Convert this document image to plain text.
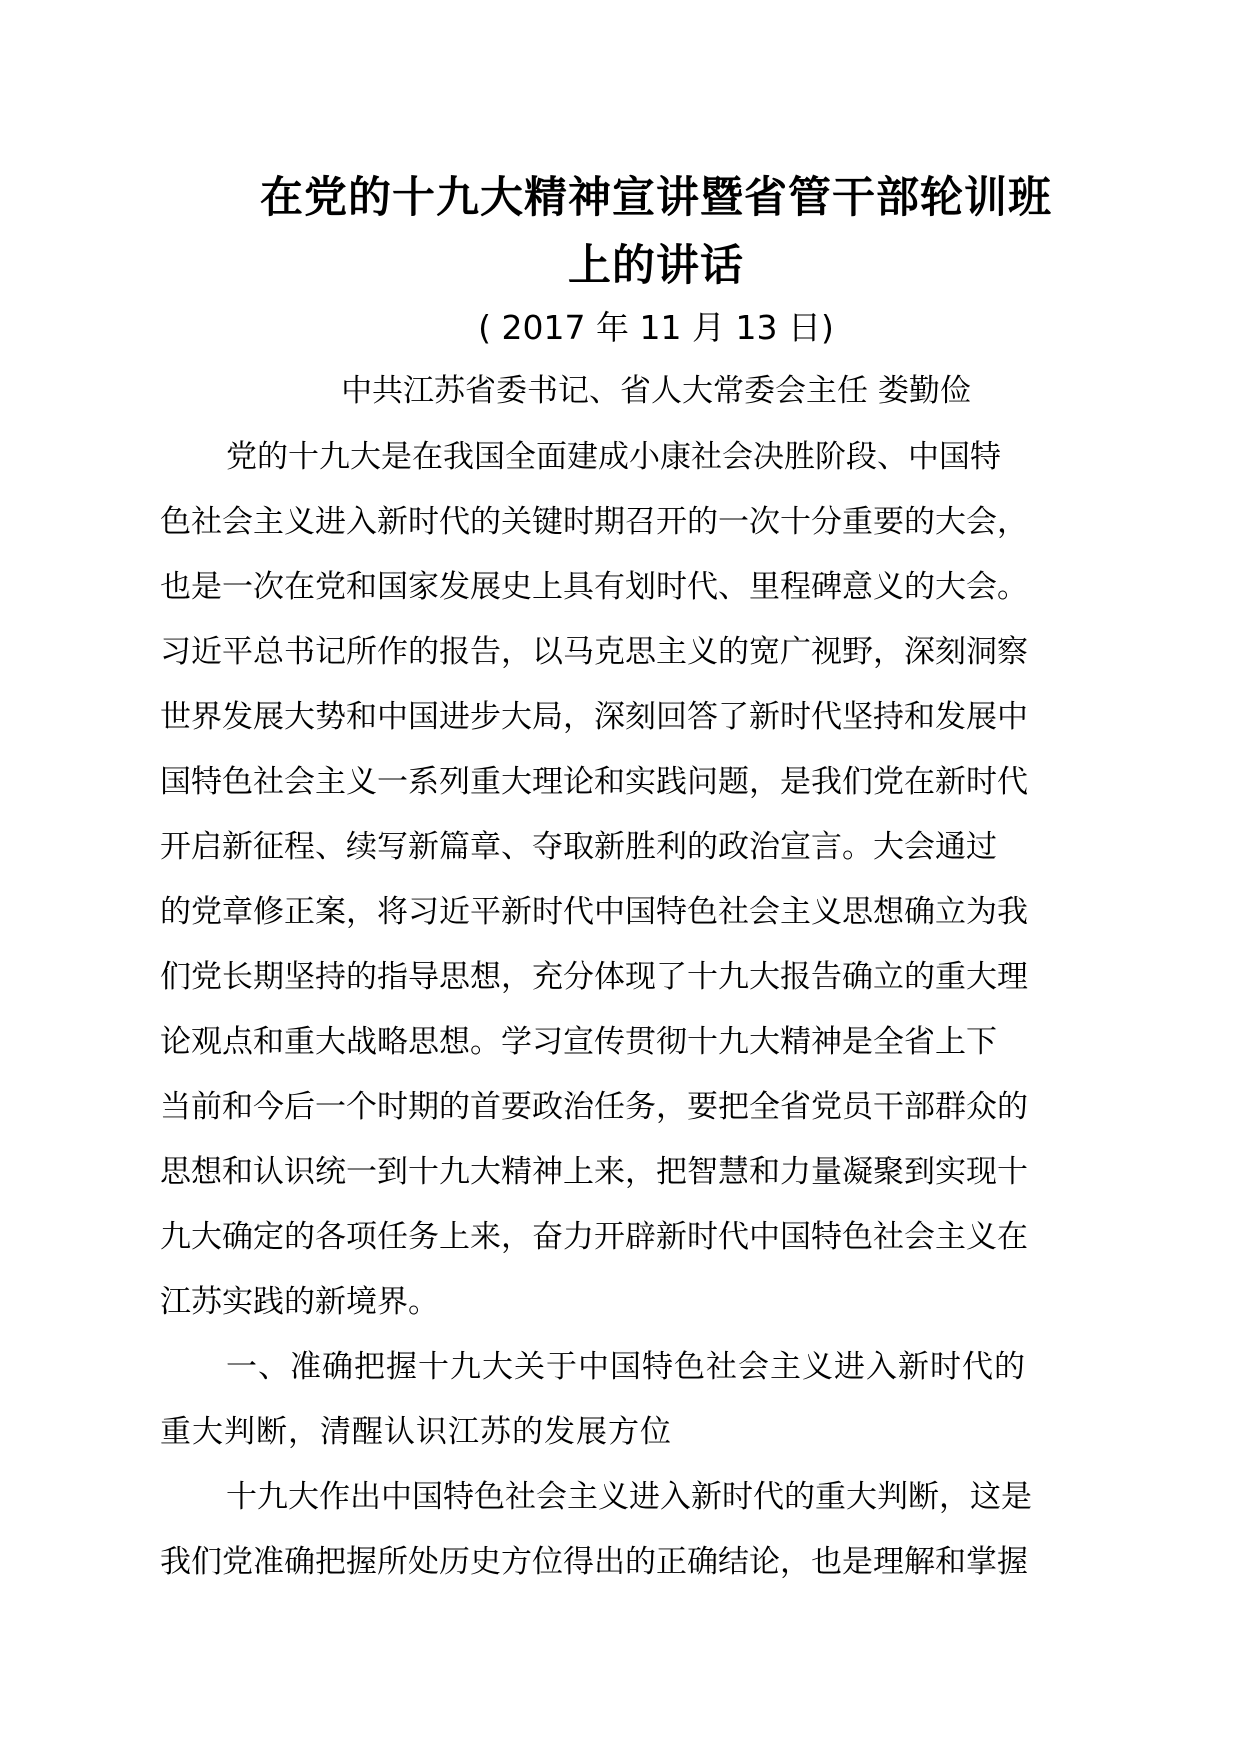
在党的十九大精神宣讲暨省管干部轮训班
上的讲话
( 2017 年 11 月 13 日)
中共江苏省委书记、省人大常委会主任 娄勤俭
党的十九大是在我国全面建成小康社会决胜阶段、中国特
色社会主义进入新时代的关键时期召开的一次十分重要的大会，
也是一次在党和国家发展史上具有划时代、里程碑意义的大会。
习近平总书记所作的报告，以马克思主义的宽广视野，深刻洞察
世界发展大势和中国进步大局，深刻回答了新时代坚持和发展中
国特色社会主义一系列重大理论和实践问题，是我们党在新时代
开启新征程、续写新篇章、夺取新胜利的政治宣言。大会通过
的党章修正案，将习近平新时代中国特色社会主义思想确立为我
们党长期坚持的指导思想，充分体现了十九大报告确立的重大理
论观点和重大战略思想。学习宣传贯彻十九大精神是全省上下
当前和今后一个时期的首要政治任务，要把全省党员干部群众的
思想和认识统一到十九大精神上来，把智慧和力量凝聚到实现十
九大确定的各项任务上来，奋力开辟新时代中国特色社会主义在
江苏实践的新境界。
一、准确把握十九大关于中国特色社会主义进入新时代的
重大判断，清醒认识江苏的发展方位
十九大作出中国特色社会主义进入新时代的重大判断，这是
我们党准确把握所处历史方位得出的正确结论，也是理解和掌握
